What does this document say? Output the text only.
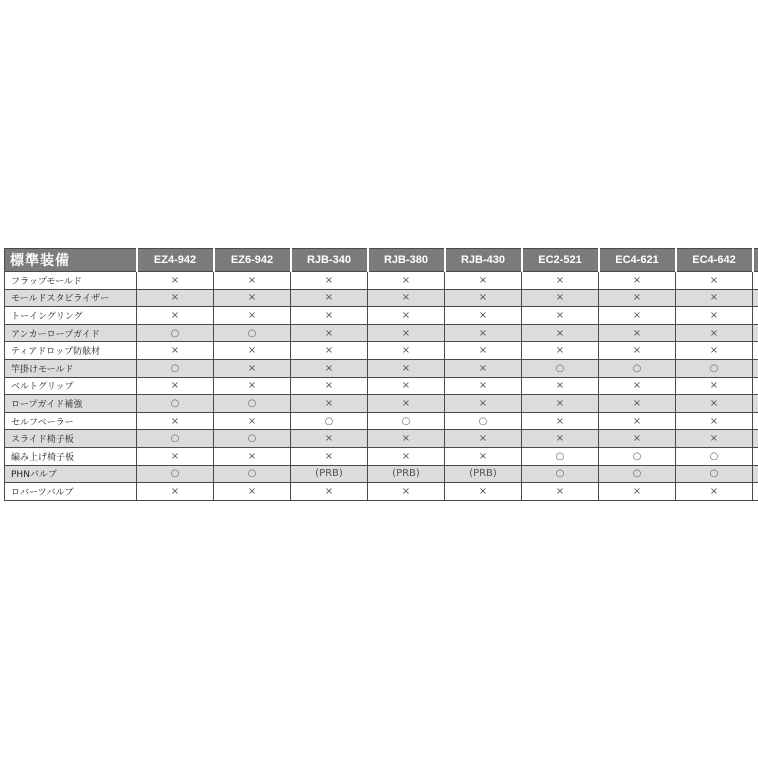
標準装備	EZ4-942	EZ6-942	RJB-340	RJB-380	RJB-430	EC2-521	EC4-621	EC4-642	
フラップモールド	×	×	×	×	×	×	×	×	
モールドスタビライザー	×	×	×	×	×	×	×	×	
トーイングリング	×	×	×	×	×	×	×	×	
アンカーロープガイド	○	○	×	×	×	×	×	×	
ティアドロップ防舷材	×	×	×	×	×	×	×	×	
竿掛けモールド	○	×	×	×	×	○	○	○	
ベルトグリップ	×	×	×	×	×	×	×	×	
ロープガイド補強	○	○	×	×	×	×	×	×	
セルフベーラー	×	×	○	○	○	×	×	×	
スライド椅子板	○	○	×	×	×	×	×	×	
編み上げ椅子板	×	×	×	×	×	○	○	○	
PHNバルブ	○	○	(PRB)	(PRB)	(PRB)	○	○	○	
ロバーツバルブ	×	×	×	×	×	×	×	×	
